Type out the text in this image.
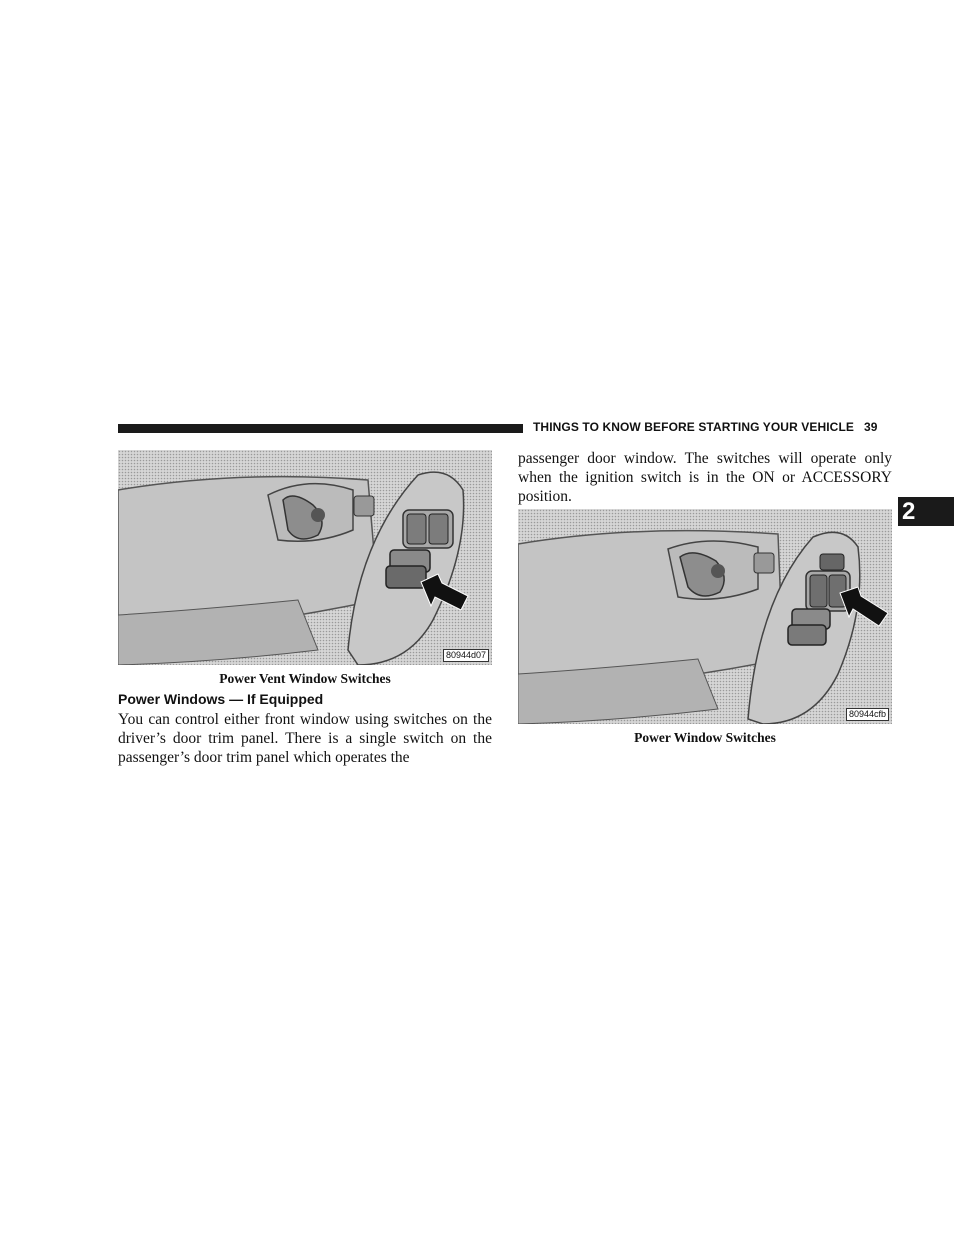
THINGS TO KNOW BEFORE STARTING YOUR VEHICLE 39
2
80944d07
Power Vent Window Switches
Power Windows — If Equipped

You can control either front window using switches on the driver’s door trim panel. There is a single switch on the passenger’s door trim panel which operates the

passenger door window. The switches will operate only when the ignition switch is in the ON or ACCESSORY position.

80944cfb
Power Window Switches
